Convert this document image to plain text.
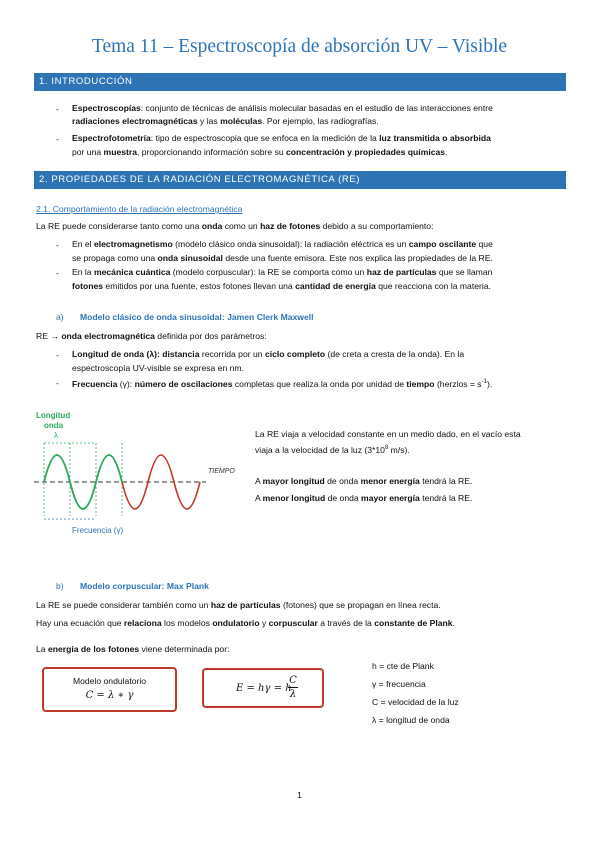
Tema 11 – Espectroscopía de absorción UV – Visible
1. INTRODUCCIÓN
- Espectroscopías: conjunto de técnicas de análisis molecular basadas en el estudio de las interacciones entre
radiaciones electromagnéticas y las moléculas. Por ejemplo, las radiografías.
- Espectrofotometría: tipo de espectroscopia que se enfoca en la medición de la luz transmitida o absorbida
por una muestra, proporcionando información sobre su concentración y propiedades químicas.
2. PROPIEDADES DE LA RADIACIÓN ELECTROMAGNÉTICA (RE)
2.1. Comportamiento de la radiación electromagnética
La RE puede considerarse tanto como una onda como un haz de fotones debido a su comportamiento:
- En el electromagnetismo (modelo clásico onda sinusoidal): la radiación eléctrica es un campo oscilante que
se propaga como una onda sinusoidal desde una fuente emisora. Este nos explica las propiedades de la RE.
- En la mecánica cuántica (modelo corpuscular): la RE se comporta como un haz de partículas que se llaman
fotones emitidos por una fuente, estos fotones llevan una cantidad de energía que reacciona con la materia.
a) Modelo clásico de onda sinusoidal: Jamen Clerk Maxwell
RE → onda electromagnética definida por dos parámetros:
- Longitud de onda (λ): distancia recorrida por un ciclo completo (de creta a cresta de la onda). En la
espectroscopía UV-visible se expresa en nm.
- Frecuencia (γ): número de oscilaciones completas que realiza la onda por unidad de tiempo (herzios = $s^{-1}$).
Longitud
onda
λ
TIEMPO
Frecuencia (γ)
La RE viaja a velocidad constante en un medio dado, en el vacío esta
viaja a la velocidad de la luz ($3*10^8$ m/s).
A mayor longitud de onda menor energía tendrá la RE.
A menor longitud de onda mayor energía tendrá la RE.
b) Modelo corpuscular: Max Plank
La RE se puede considerar también como un haz de partículas (fotones) que se propagan en línea recta.
Hay una ecuación que relaciona los modelos ondulatorio y corpuscular a través de la constante de Plank.
La energía de los fotones viene determinada por:
Modelo ondulatorio
C = λ ∗ γ
E = hγ = h
C
λ
h = cte de Plank
γ = frecuencia
C = velocidad de la luz
λ = longitud de onda
1
